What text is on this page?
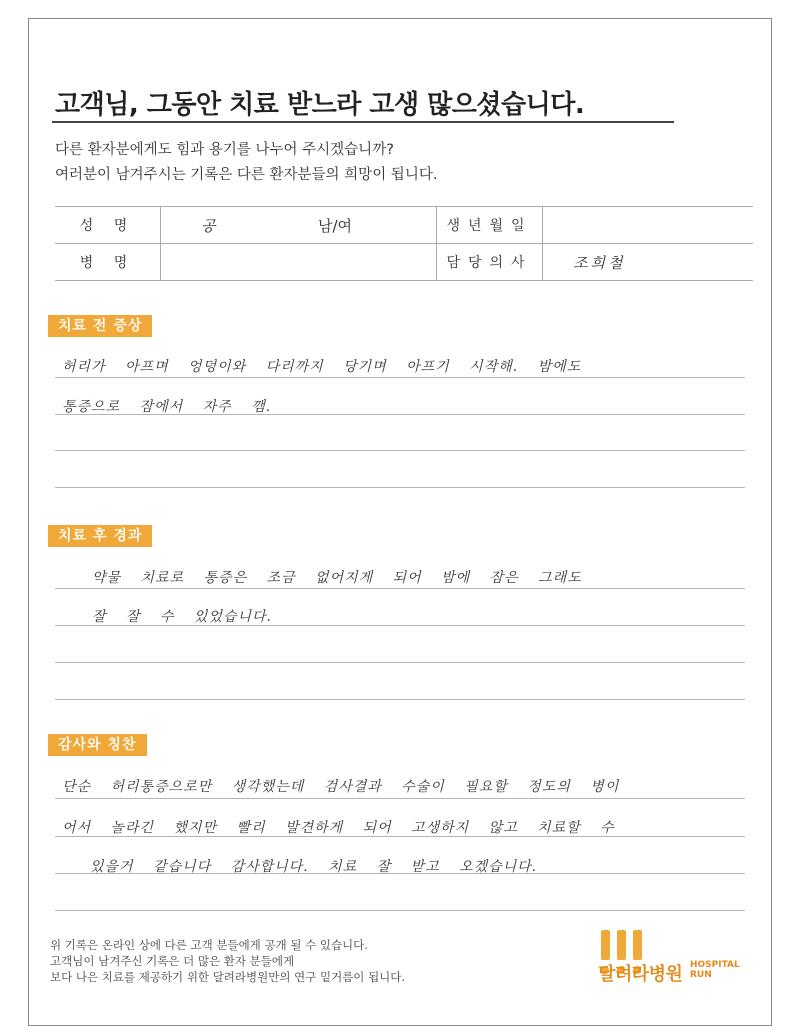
고객님, 그동안 치료 받느라 고생 많으셨습니다.
다른 환자분에게도 힘과 용기를 나누어 주시겠습니까?
여러분이 남겨주시는 기록은 다른 환자분들의 희망이 됩니다.
성 명	공 남/여	생년월일	
병 명		담당의사	조희철
치료 전 증상
허리가 아프며 엉덩이와 다리까지 당기며 아프기 시작해. 밤에도
통증으로 잠에서 자주 깸.
치료 후 경과
약물 치료로 통증은 조금 없어지게 되어 밤에 잠은 그래도
잘 잘 수 있었습니다.
감사와 칭찬
단순 허리통증으로만 생각했는데 검사결과 수술이 필요할 정도의 병이
어서 놀라긴 했지만 빨리 발견하게 되어 고생하지 않고 치료할 수
있을거 같습니다 감사합니다. 치료 잘 받고 오겠습니다.
위 기록은 온라인 상에 다른 고객 분들에게 공개 될 수 있습니다.
고객님이 남겨주신 기록은 더 많은 환자 분들에게
보다 나은 치료를 제공하기 위한 달려라병원만의 연구 밑거름이 됩니다.	달려라병원 HOSPITAL
RUN
